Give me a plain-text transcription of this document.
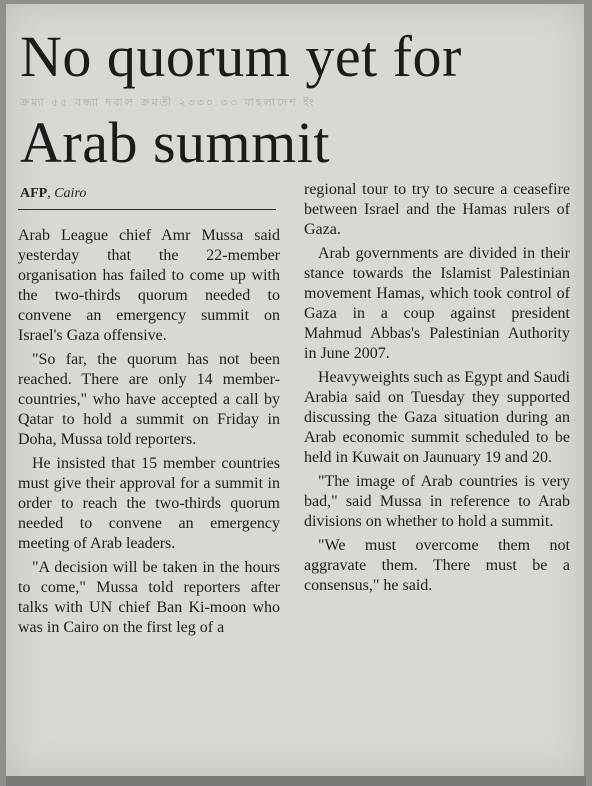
ক্রম্যা ৫৫ বন্ধ্যা দরাল ক্রমতী ২৩৩০ ৩৩ বাহলাদেশ ইং
No quorum yet for Arab summit
AFP, Cairo

Arab League chief Amr Mussa said yesterday that the 22-member organisation has failed to come up with the two-thirds quorum needed to convene an emergency summit on Israel's Gaza offensive.

"So far, the quorum has not been reached. There are only 14 member-countries," who have accepted a call by Qatar to hold a summit on Friday in Doha, Mussa told reporters.

He insisted that 15 member countries must give their approval for a summit in order to reach the two-thirds quorum needed to convene an emergency meeting of Arab leaders.

"A decision will be taken in the hours to come," Mussa told reporters after talks with UN chief Ban Ki-moon who was in Cairo on the first leg of a

regional tour to try to secure a ceasefire between Israel and the Hamas rulers of Gaza.

Arab governments are divided in their stance towards the Islamist Palestinian movement Hamas, which took control of Gaza in a coup against president Mahmud Abbas's Palestinian Authority in June 2007.

Heavyweights such as Egypt and Saudi Arabia said on Tuesday they supported discussing the Gaza situation during an Arab economic summit scheduled to be held in Kuwait on Jaunuary 19 and 20.

"The image of Arab countries is very bad," said Mussa in reference to Arab divisions on whether to hold a summit.

"We must overcome them not aggravate them. There must be a consensus," he said.
